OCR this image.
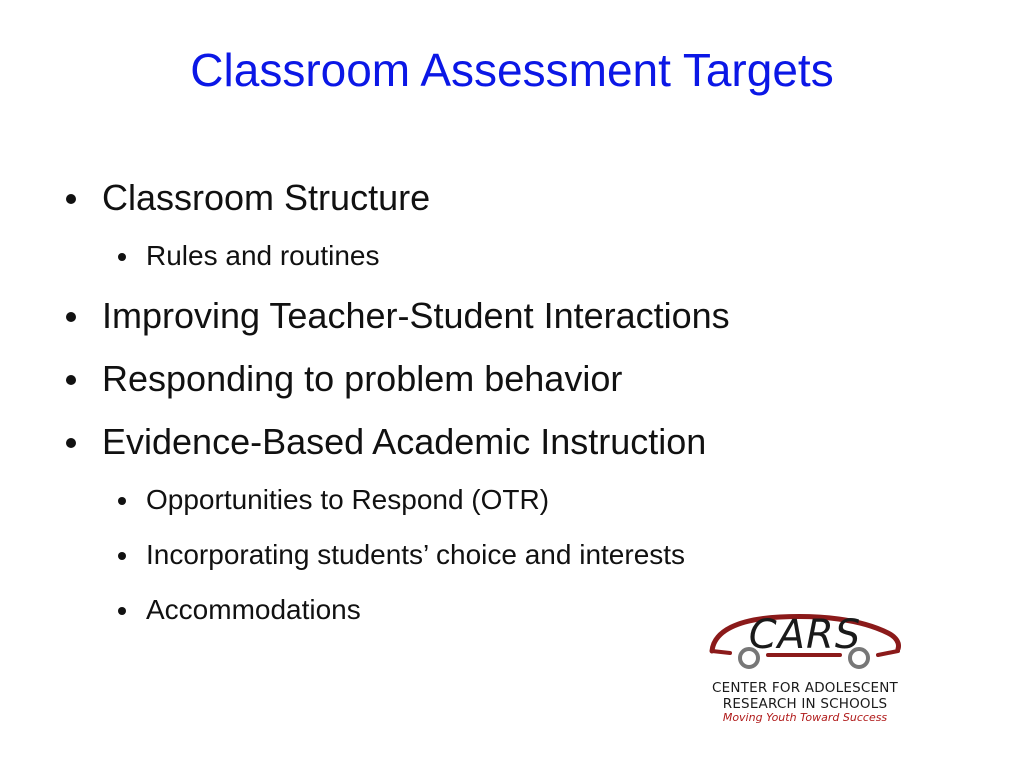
Classroom Assessment Targets
Classroom Structure
Rules and routines
Improving Teacher-Student Interactions
Responding to problem behavior
Evidence-Based Academic Instruction
Opportunities to Respond (OTR)
Incorporating students’ choice and interests
Accommodations
CARS
CENTER FOR ADOLESCENT
RESEARCH IN SCHOOLS
Moving Youth Toward Success
